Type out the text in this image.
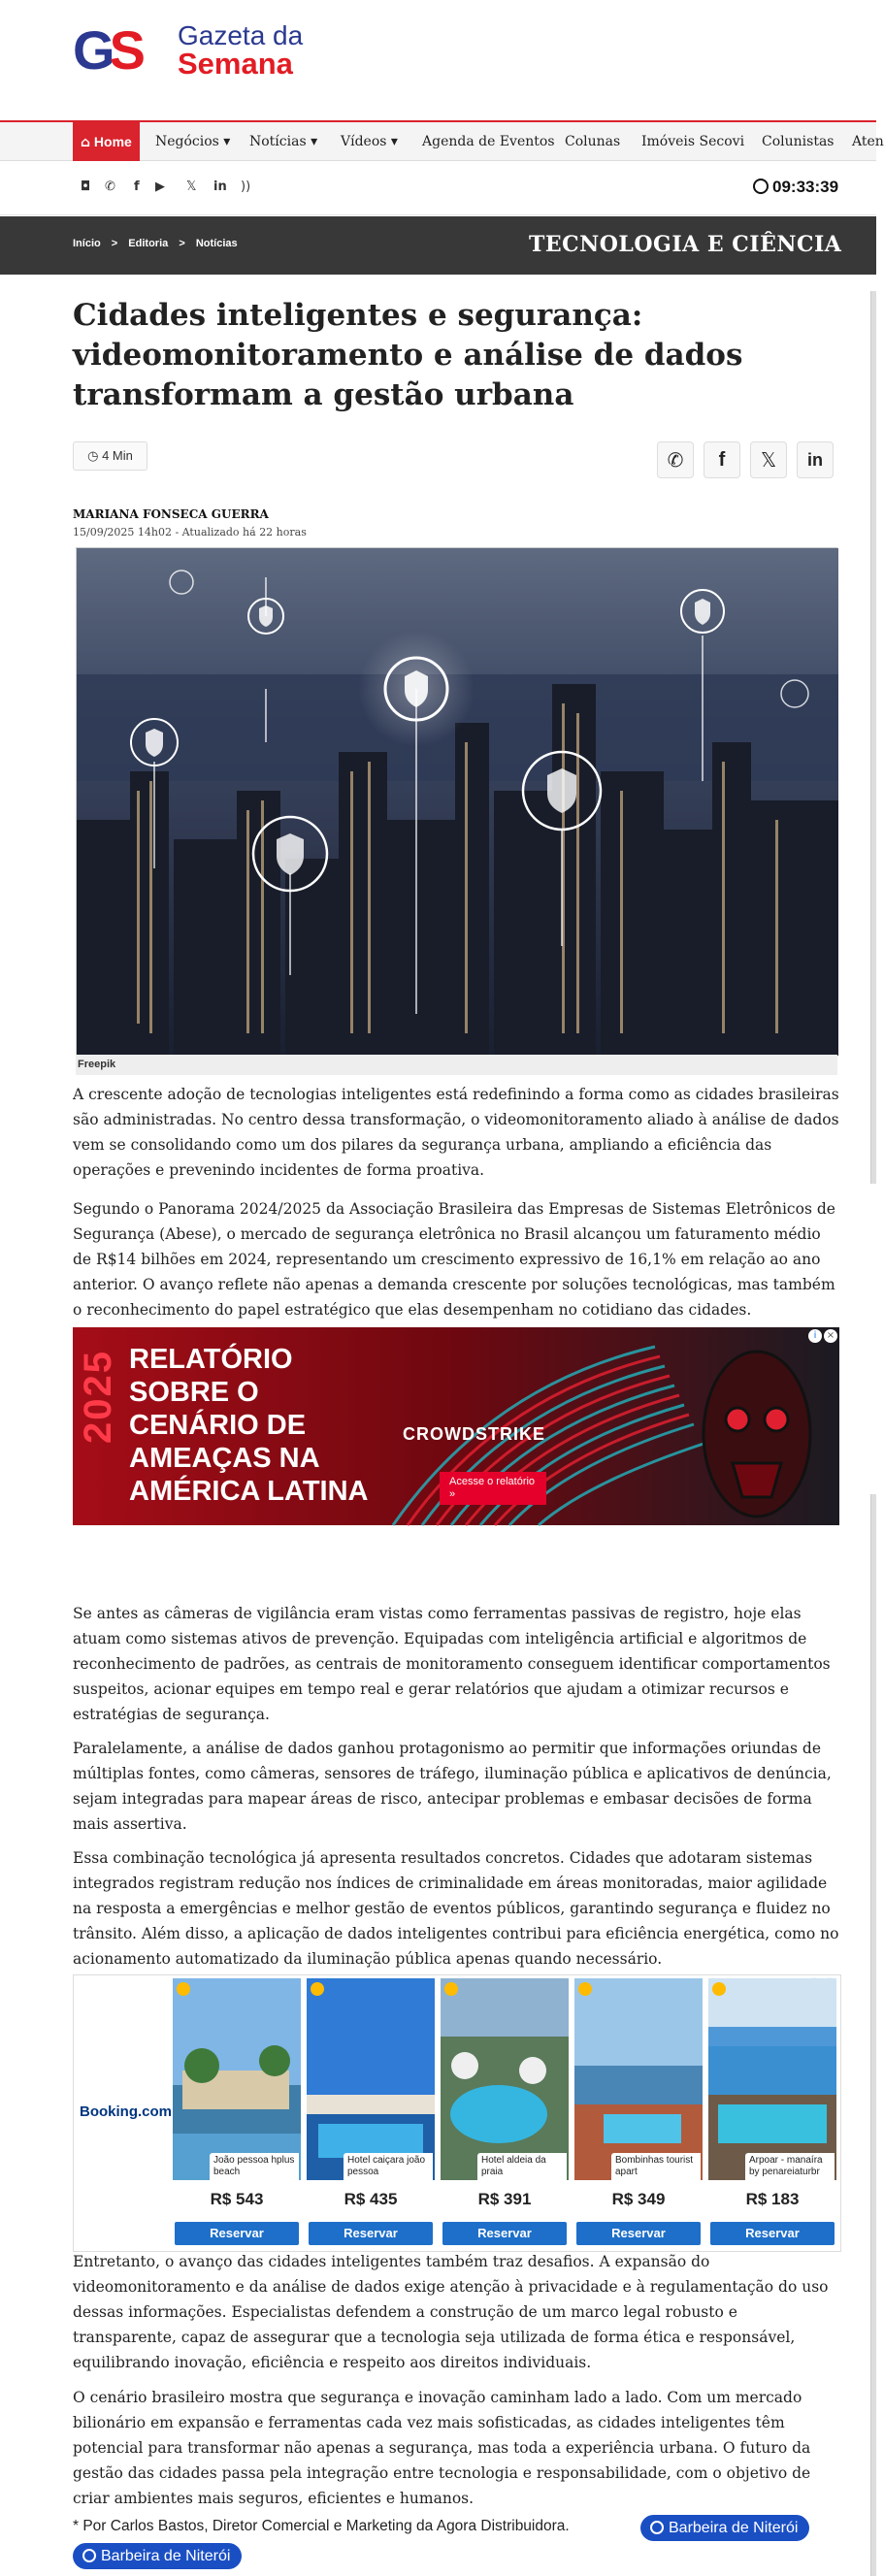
GS Gazeta da
Semana
⌂ Home	Negócios ▾ Notícias ▾ Vídeos ▾ Agenda de Eventos Colunas Imóveis Secovi Colunistas Aten
◘ ✆ f ▶ 𝕏 in ))	09:33:39
Início > Editoria > Notícias	TECNOLOGIA E CIÊNCIA
Cidades inteligentes e segurança: videomonitoramento e análise de dados transformam a gestão urbana
◷ 4 Min	✆	f	𝕏	in
MARIANA FONSECA GUERRA
15/09/2025 14h02 - Atualizado há 22 horas
Freepik

A crescente adoção de tecnologias inteligentes está redefinindo a forma como as cidades brasileiras são administradas. No centro dessa transformação, o videomonitoramento aliado à análise de dados vem se consolidando como um dos pilares da segurança urbana, ampliando a eficiência das operações e prevenindo incidentes de forma proativa.

Segundo o Panorama 2024/2025 da Associação Brasileira das Empresas de Sistemas Eletrônicos de Segurança (Abese), o mercado de segurança eletrônica no Brasil alcançou um faturamento médio de R$14 bilhões em 2024, representando um crescimento expressivo de 16,1% em relação ao ano anterior. O avanço reflete não apenas a demanda crescente por soluções tecnológicas, mas também o reconhecimento do papel estratégico que elas desempenham no cotidiano das cidades.

2025 RELATÓRIO
SOBRE O
CENÁRIO DE
AMEAÇAS NA
AMÉRICA LATINA
CROWDSTRIKE
Acesse o relatório »
i	×

Se antes as câmeras de vigilância eram vistas como ferramentas passivas de registro, hoje elas atuam como sistemas ativos de prevenção. Equipadas com inteligência artificial e algoritmos de reconhecimento de padrões, as centrais de monitoramento conseguem identificar comportamentos suspeitos, acionar equipes em tempo real e gerar relatórios que ajudam a otimizar recursos e estratégias de segurança.

Paralelamente, a análise de dados ganhou protagonismo ao permitir que informações oriundas de múltiplas fontes, como câmeras, sensores de tráfego, iluminação pública e aplicativos de denúncia, sejam integradas para mapear áreas de risco, antecipar problemas e embasar decisões de forma mais assertiva.

Essa combinação tecnológica já apresenta resultados concretos. Cidades que adotaram sistemas integrados registram redução nos índices de criminalidade em áreas monitoradas, maior agilidade na resposta a emergências e melhor gestão de eventos públicos, garantindo segurança e fluidez no trânsito. Além disso, a aplicação de dados inteligentes contribui para eficiência energética, como no acionamento automatizado da iluminação pública apenas quando necessário.

Booking.com
João pessoa hplus beach
R$ 543
Reservar
Hotel caiçara joão pessoa
R$ 435
Reservar
Hotel aldeia da praia
R$ 391
Reservar
Bombinhas tourist apart
R$ 349
Reservar
Arpoar - manaíra by penareiaturbr
R$ 183
Reservar

Entretanto, o avanço das cidades inteligentes também traz desafios. A expansão do videomonitoramento e da análise de dados exige atenção à privacidade e à regulamentação do uso dessas informações. Especialistas defendem a construção de um marco legal robusto e transparente, capaz de assegurar que a tecnologia seja utilizada de forma ética e responsável, equilibrando inovação, eficiência e respeito aos direitos individuais.

O cenário brasileiro mostra que segurança e inovação caminham lado a lado. Com um mercado bilionário em expansão e ferramentas cada vez mais sofisticadas, as cidades inteligentes têm potencial para transformar não apenas a segurança, mas toda a experiência urbana. O futuro da gestão das cidades passa pela integração entre tecnologia e responsabilidade, com o objetivo de criar ambientes mais seguros, eficientes e humanos.

* Por Carlos Bastos, Diretor Comercial e Marketing da Agora Distribuidora.	Barbeira de Niterói
Barbeira de Niterói
